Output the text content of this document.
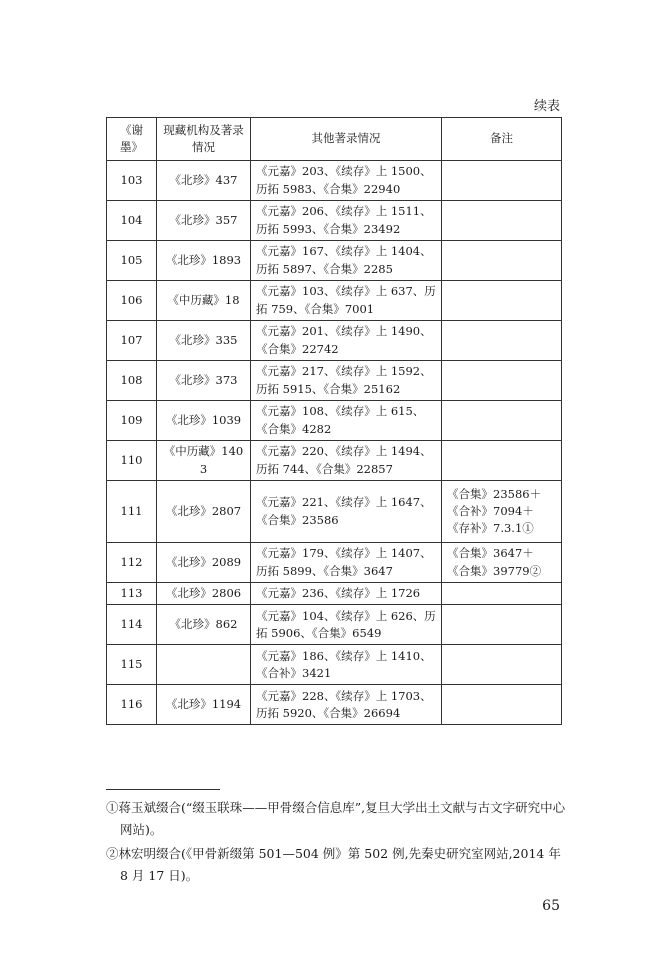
续表
《谢墨》	现藏机构及著录情况	其他著录情况	备注
103	《北珍》437	《元嘉》203、《续存》上 1500、历拓 5983、《合集》22940	
104	《北珍》357	《元嘉》206、《续存》上 1511、历拓 5993、《合集》23492	
105	《北珍》1893	《元嘉》167、《续存》上 1404、历拓 5897、《合集》2285	
106	《中历藏》18	《元嘉》103、《续存》上 637、历拓 759、《合集》7001	
107	《北珍》335	《元嘉》201、《续存》上 1490、《合集》22742	
108	《北珍》373	《元嘉》217、《续存》上 1592、历拓 5915、《合集》25162	
109	《北珍》1039	《元嘉》108、《续存》上 615、《合集》4282	
110	《中历藏》1403	《元嘉》220、《续存》上 1494、历拓 744、《合集》22857	
111	《北珍》2807	《元嘉》221、《续存》上 1647、《合集》23586	《合集》23586＋《合补》7094＋《存补》7.3.1①
112	《北珍》2089	《元嘉》179、《续存》上 1407、历拓 5899、《合集》3647	《合集》3647＋《合集》39779②
113	《北珍》2806	《元嘉》236、《续存》上 1726	
114	《北珍》862	《元嘉》104、《续存》上 626、历拓 5906、《合集》6549	
115		《元嘉》186、《续存》上 1410、《合补》3421	
116	《北珍》1194	《元嘉》228、《续存》上 1703、历拓 5920、《合集》26694	

①蒋玉斌缀合(“缀玉联珠——甲骨缀合信息库”,复旦大学出土文献与古文字研究中心网站)。

②林宏明缀合(《甲骨新缀第 501—504 例》第 502 例,先秦史研究室网站,2014 年 8 月 17 日)。

65
